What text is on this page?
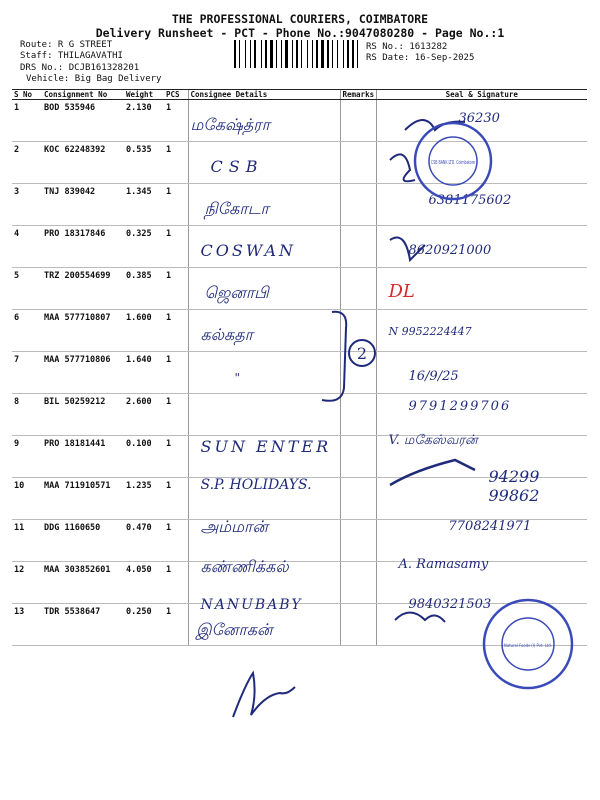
THE PROFESSIONAL COURIERS, COIMBATORE
Delivery Runsheet - PCT - Phone No.:9047080280 - Page No.:1
Route: R G STREET
Staff: THILAGAVATHI
DRS No.: DCJB161328201
Vehicle: Big Bag Delivery
RS No.: 1613282
RS Date: 16-Sep-2025
S No	Consignment No	Weight	PCS	Consignee Details	Remarks	Seal & Signature
1	BOD 535946	2.130	1	மகேஷ்த்ரா		36230

2	KOC 62248392	0.535	1	CSB		

3	TNJ 839042	1.345	1	நிகோடா		6381175602

4	PRO 18317846	0.325	1	COSWAN		8620921000

5	TRZ 200554699	0.385	1	ஜெனாபி		DL

6	MAA 577710807	1.600	1	கல்கதா		N 9952224447

7	MAA 577710806	1.640	1	"		16/9/25

8	BIL 50259212	2.600	1			9791299706

9	PRO 18181441	0.100	1	SUN ENTER		V. மகேஸ்வரன்

10	MAA 711910571	1.235	1	S.P. HOLIDAYS.		94299 99862

11	DDG 1160650	0.470	1	அம்மான்		7708241971

12	MAA 303852601	4.050	1	கண்ணிக்கல்		A. Ramasamy

13	TDR 5538647	0.250	1	NANUBABY		9840321503
இனோகன்
2
CSB BANK LTD. Coimbatore
Natural Foods (I) Pvt. Ltd.
